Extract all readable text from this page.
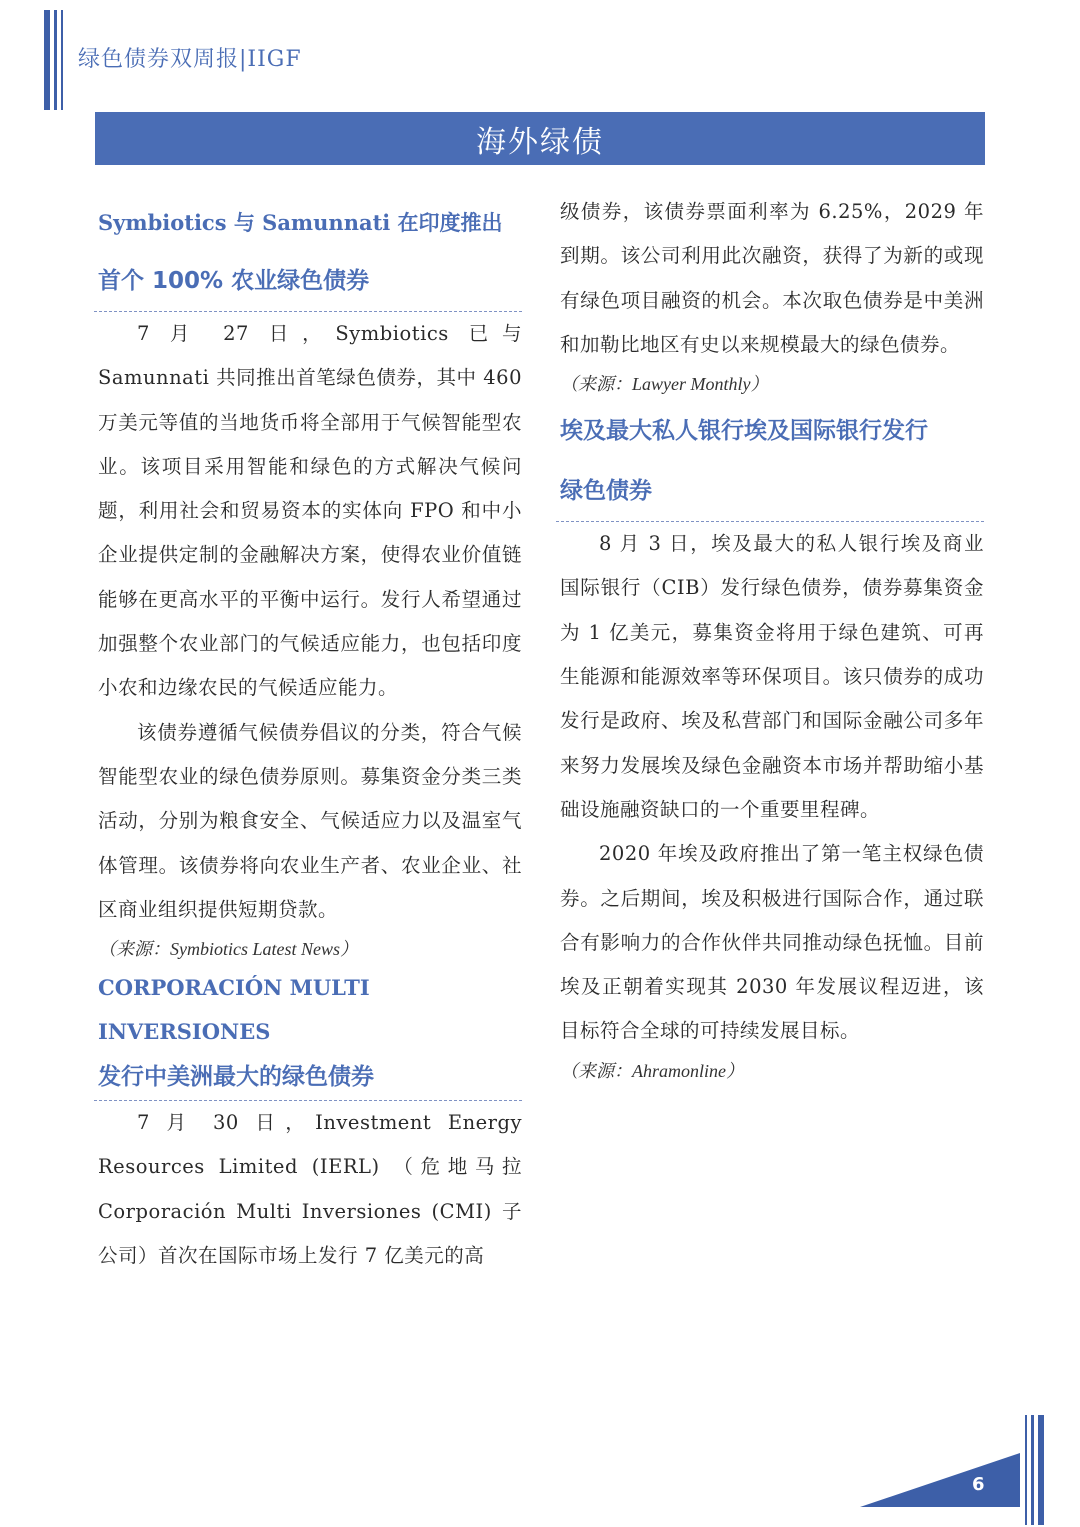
绿色债券双周报|IIGF
海外绿债

Symbiotics 与 Samunnati 在印度推出

首个 100% 农业绿色债券

7 月 27 日，Symbiotics 已与 Samunnati 共同推出首笔绿色债券，其中 460 万美元等值的当地货币将全部用于气候智能型农业。该项目采用智能和绿色的方式解决气候问题，利用社会和贸易资本的实体向 FPO 和中小企业提供定制的金融解决方案，使得农业价值链能够在更高水平的平衡中运行。发行人希望通过加强整个农业部门的气候适应能力，也包括印度小农和边缘农民的气候适应能力。

该债券遵循气候债券倡议的分类，符合气候智能型农业的绿色债券原则。募集资金分类三类活动，分别为粮食安全、气候适应力以及温室气体管理。该债券将向农业生产者、农业企业、社区商业组织提供短期贷款。

（来源：Symbiotics Latest News）

CORPORACIÓN MULTI INVERSIONES

发行中美洲最大的绿色债券

7 月 30 日，Investment Energy Resources Limited (IERL) （危地马拉 Corporación Multi Inversiones (CMI) 子公司）首次在国际市场上发行 7 亿美元的高

级债券，该债券票面利率为 6.25%，2029 年到期。该公司利用此次融资，获得了为新的或现有绿色项目融资的机会。本次取色债券是中美洲和加勒比地区有史以来规模最大的绿色债券。

（来源：Lawyer Monthly）

埃及最大私人银行埃及国际银行发行

绿色债券

8 月 3 日，埃及最大的私人银行埃及商业国际银行（CIB）发行绿色债券，债券募集资金为 1 亿美元，募集资金将用于绿色建筑、可再生能源和能源效率等环保项目。该只债券的成功发行是政府、埃及私营部门和国际金融公司多年来努力发展埃及绿色金融资本市场并帮助缩小基础设施融资缺口的一个重要里程碑。

2020 年埃及政府推出了第一笔主权绿色债券。之后期间，埃及积极进行国际合作，通过联合有影响力的合作伙伴共同推动绿色抚恤。目前埃及正朝着实现其 2030 年发展议程迈进，该目标符合全球的可持续发展目标。

（来源：Ahramonline）

6
